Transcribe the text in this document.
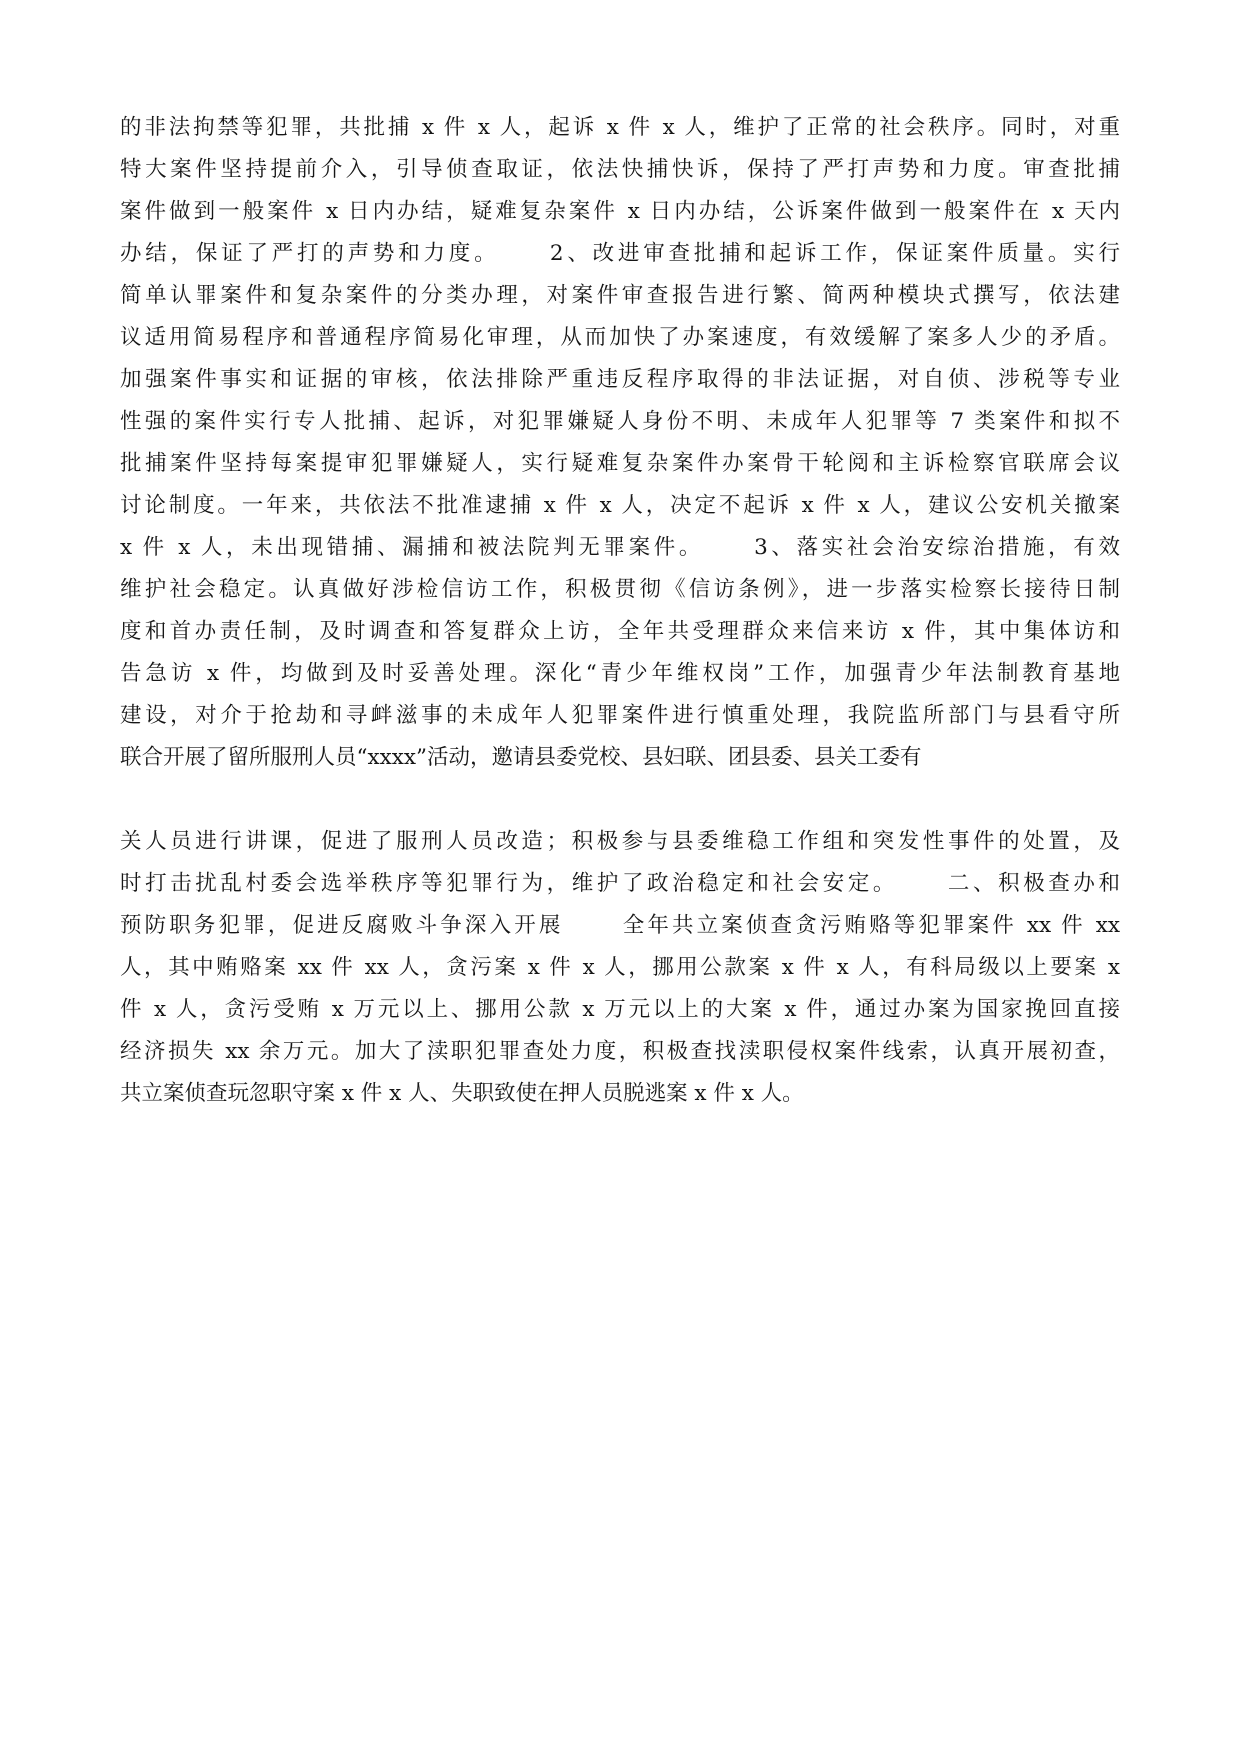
的非法拘禁等犯罪，共批捕 x 件 x 人，起诉 x 件 x 人，维护了正常的社会秩序。同时，对重

特大案件坚持提前介入，引导侦查取证，依法快捕快诉，保持了严打声势和力度。审查批捕

案件做到一般案件 x 日内办结，疑难复杂案件 x 日内办结，公诉案件做到一般案件在 x 天内

办结，保证了严打的声势和力度。　　 2、改进审查批捕和起诉工作，保证案件质量。实行

简单认罪案件和复杂案件的分类办理，对案件审查报告进行繁、简两种模块式撰写，依法建

议适用简易程序和普通程序简易化审理，从而加快了办案速度，有效缓解了案多人少的矛盾。

加强案件事实和证据的审核，依法排除严重违反程序取得的非法证据，对自侦、涉税等专业

性强的案件实行专人批捕、起诉，对犯罪嫌疑人身份不明、未成年人犯罪等 7 类案件和拟不

批捕案件坚持每案提审犯罪嫌疑人，实行疑难复杂案件办案骨干轮阅和主诉检察官联席会议

讨论制度。一年来，共依法不批准逮捕 x 件 x 人，决定不起诉 x 件 x 人，建议公安机关撤案

x 件 x 人，未出现错捕、漏捕和被法院判无罪案件。　　 3、落实社会治安综治措施，有效

维护社会稳定。认真做好涉检信访工作，积极贯彻《信访条例》，进一步落实检察长接待日制

度和首办责任制，及时调查和答复群众上访，全年共受理群众来信来访 x 件，其中集体访和

告急访 x 件，均做到及时妥善处理。深化“青少年维权岗”工作，加强青少年法制教育基地

建设，对介于抢劫和寻衅滋事的未成年人犯罪案件进行慎重处理，我院监所部门与县看守所

联合开展了留所服刑人员“xxxx”活动，邀请县委党校、县妇联、团县委、县关工委有

关人员进行讲课，促进了服刑人员改造；积极参与县委维稳工作组和突发性事件的处置，及

时打击扰乱村委会选举秩序等犯罪行为，维护了政治稳定和社会安定。　　 二、积极查办和

预防职务犯罪，促进反腐败斗争深入开展　　 全年共立案侦查贪污贿赂等犯罪案件 xx 件 xx

人，其中贿赂案 xx 件 xx 人，贪污案 x 件 x 人，挪用公款案 x 件 x 人，有科局级以上要案 x

件 x 人，贪污受贿 x 万元以上、挪用公款 x 万元以上的大案 x 件，通过办案为国家挽回直接

经济损失 xx 余万元。加大了渎职犯罪查处力度，积极查找渎职侵权案件线索，认真开展初查，

共立案侦查玩忽职守案 x 件 x 人、失职致使在押人员脱逃案 x 件 x 人。
